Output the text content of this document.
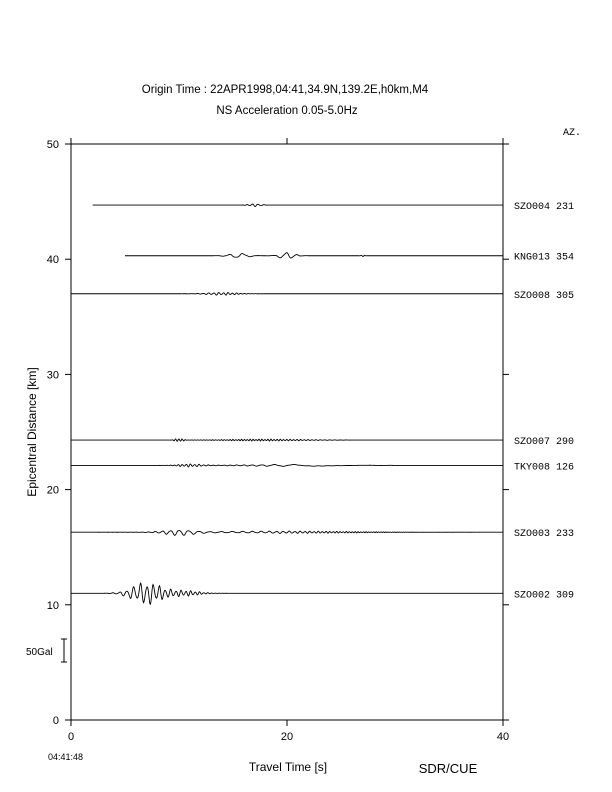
Origin Time : 22APR1998,04:41,34.9N,139.2E,h0km,M4
NS Acceleration 0.05-5.0Hz
AZ.
0
10
20
30
40
50
0	20	40
Epicentral Distance [km]
Travel Time [s]
04:41:48
SDR/CUE
50Gal
SZO004 231
KNG013 354
SZO008 305
SZO007 290
TKY008 126
SZO003 233
SZO002 309
